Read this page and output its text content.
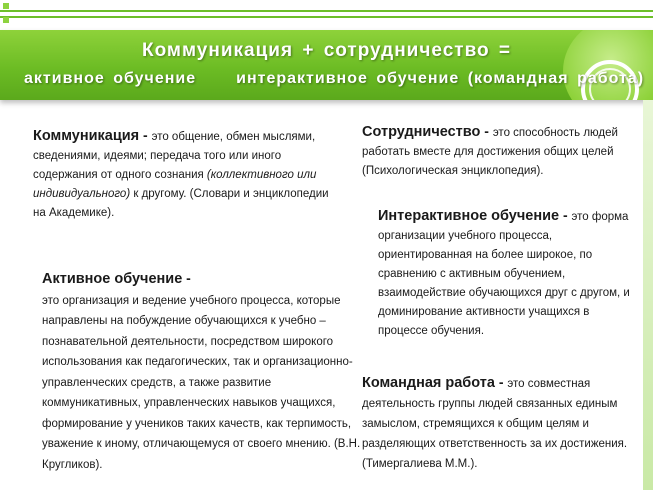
Коммуникация + сотрудничество =
активное обучение	интерактивное обучение (командная работа)
Коммуникация - это общение, обмен мыслями, сведениями, идеями; передача того или иного содержания от одного сознания (коллективного или индивидуального) к другому. (Словари и энциклопедии на Академике).
Сотрудничество - это способность людей работать вместе для достижения общих целей (Психологическая энциклопедия).
Интерактивное обучение - это форма организации учебного процесса, ориентированная на более широкое, по сравнению с активным обучением, взаимодействие обучающихся друг с другом, и доминирование активности учащихся в процессе обучения.
Активное обучение -
это организация и ведение учебного процесса, которые направлены на побуждение обучающихся к учебно – познавательной деятельности, посредством широкого использования как педагогических, так и организационно-управленческих средств, а также развитие коммуникативных, управленческих навыков учащихся, формирование у учеников таких качеств, как терпимость, уважение к иному, отличающемуся от своего мнению. (В.Н. Кругликов).
Командная работа - это совместная деятельность группы людей связанных единым замыслом, стремящихся к общим целям и разделяющих ответственность за их достижения. (Тимергалиева М.М.).
